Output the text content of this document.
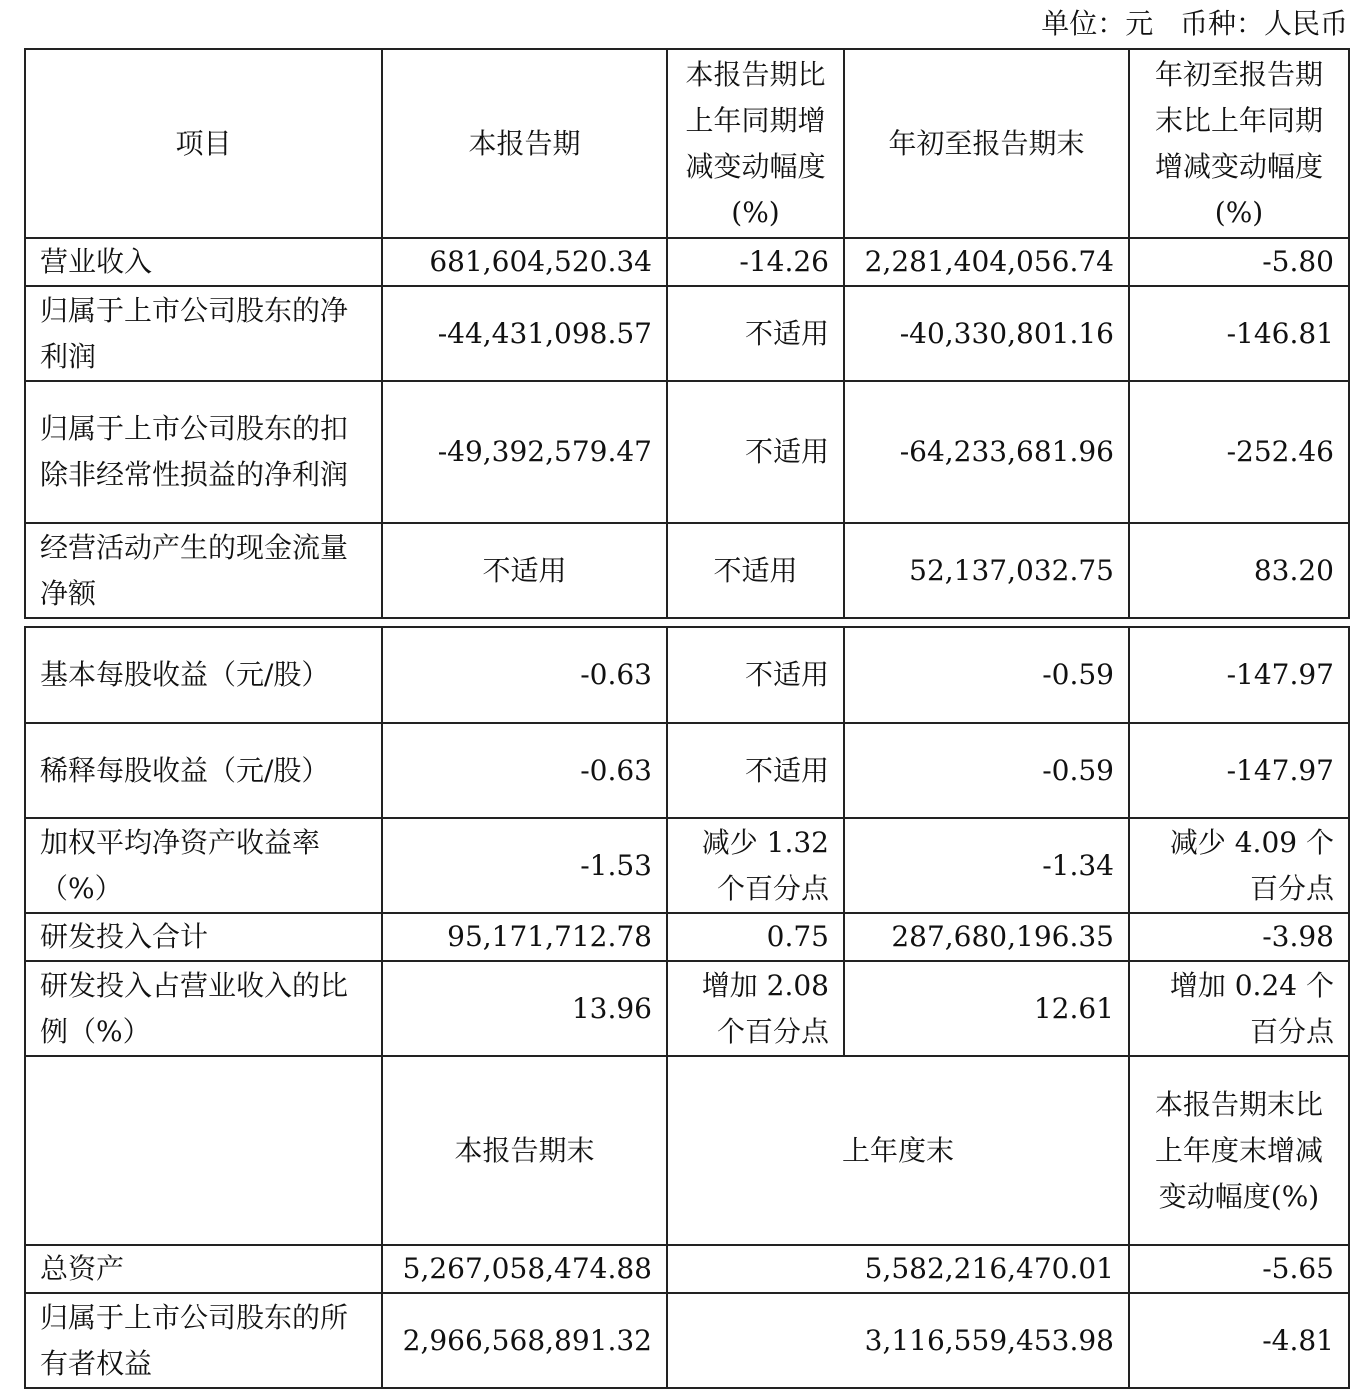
单位：元   币种：人民币
项目	本报告期	本报告期比上年同期增减变动幅度(%)	年初至报告期末	年初至报告期末比上年同期增减变动幅度(%)
营业收入	681,604,520.34	-14.26	2,281,404,056.74	-5.80
归属于上市公司股东的净利润	-44,431,098.57	不适用	-40,330,801.16	-146.81
归属于上市公司股东的扣除非经常性损益的净利润	-49,392,579.47	不适用	-64,233,681.96	-252.46
经营活动产生的现金流量净额	不适用	不适用	52,137,032.75	83.20
基本每股收益（元/股）	-0.63	不适用	-0.59	-147.97
稀释每股收益（元/股）	-0.63	不适用	-0.59	-147.97
加权平均净资产收益率（%）	-1.53	减少 1.32 个百分点	-1.34	减少 4.09 个百分点
研发投入合计	95,171,712.78	0.75	287,680,196.35	-3.98
研发投入占营业收入的比例（%）	13.96	增加 2.08 个百分点	12.61	增加 0.24 个百分点
	本报告期末	上年度末		本报告期末比上年度末增减变动幅度(%)
总资产	5,267,058,474.88	5,582,216,470.01		-5.65
归属于上市公司股东的所有者权益	2,966,568,891.32	3,116,559,453.98		-4.81
